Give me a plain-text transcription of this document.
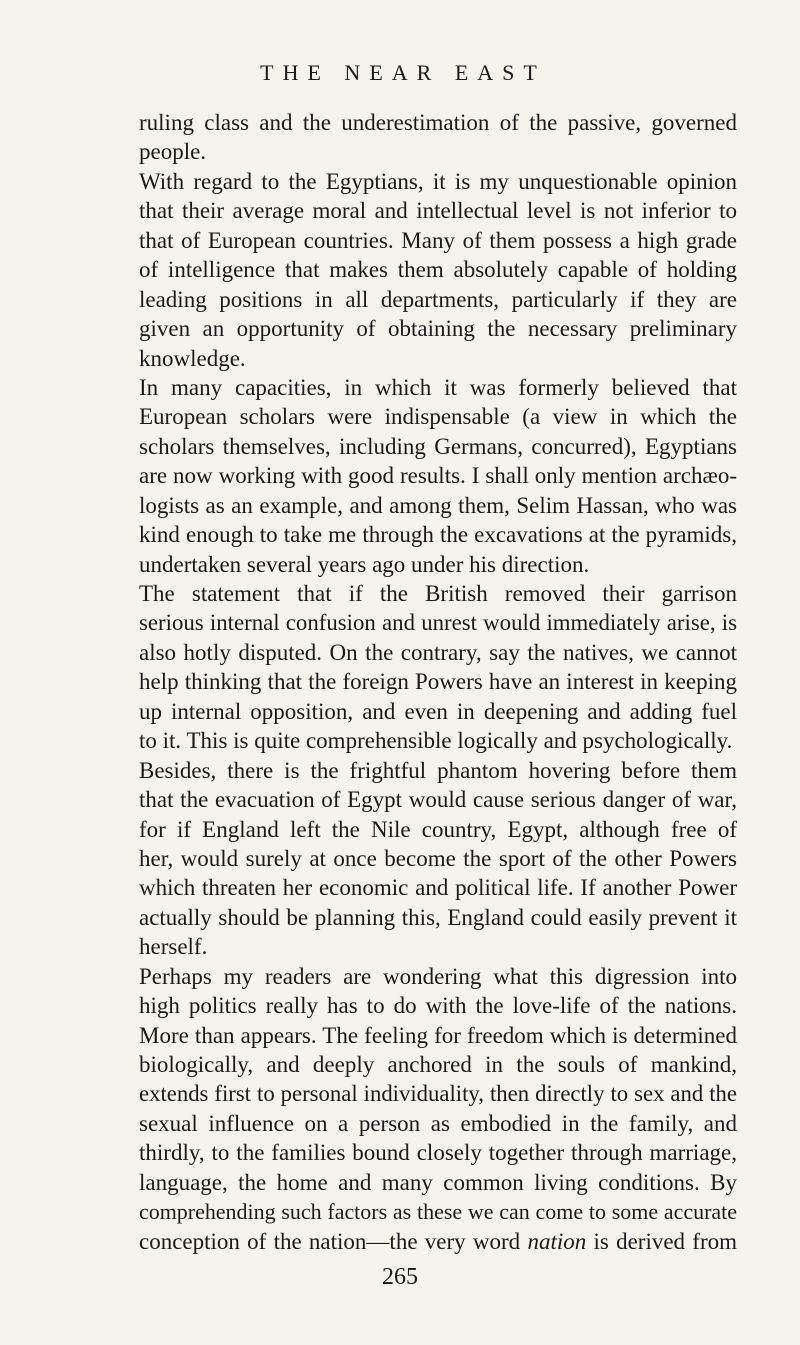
THE NEAR EAST
ruling class and the underestimation of the passive, governed
people.
With regard to the Egyptians, it is my unquestionable opinion
that their average moral and intellectual level is not inferior to
that of European countries. Many of them possess a high grade
of intelligence that makes them absolutely capable of holding
leading positions in all departments, particularly if they are
given an opportunity of obtaining the necessary preliminary
knowledge.
In many capacities, in which it was formerly believed that
European scholars were indispensable (a view in which the
scholars themselves, including Germans, concurred), Egyptians
are now working with good results. I shall only mention archæo-
logists as an example, and among them, Selim Hassan, who was
kind enough to take me through the excavations at the pyramids,
undertaken several years ago under his direction.
The statement that if the British removed their garrison
serious internal confusion and unrest would immediately arise, is
also hotly disputed. On the contrary, say the natives, we cannot
help thinking that the foreign Powers have an interest in keeping
up internal opposition, and even in deepening and adding fuel
to it. This is quite comprehensible logically and psychologically.
Besides, there is the frightful phantom hovering before them
that the evacuation of Egypt would cause serious danger of war,
for if England left the Nile country, Egypt, although free of
her, would surely at once become the sport of the other Powers
which threaten her economic and political life. If another Power
actually should be planning this, England could easily prevent it
herself.
Perhaps my readers are wondering what this digression into
high politics really has to do with the love-life of the nations.
More than appears. The feeling for freedom which is determined
biologically, and deeply anchored in the souls of mankind,
extends first to personal individuality, then directly to sex and the
sexual influence on a person as embodied in the family, and
thirdly, to the families bound closely together through marriage,
language, the home and many common living conditions. By
comprehending such factors as these we can come to some accurate
conception of the nation—the very word nation is derived from
265
